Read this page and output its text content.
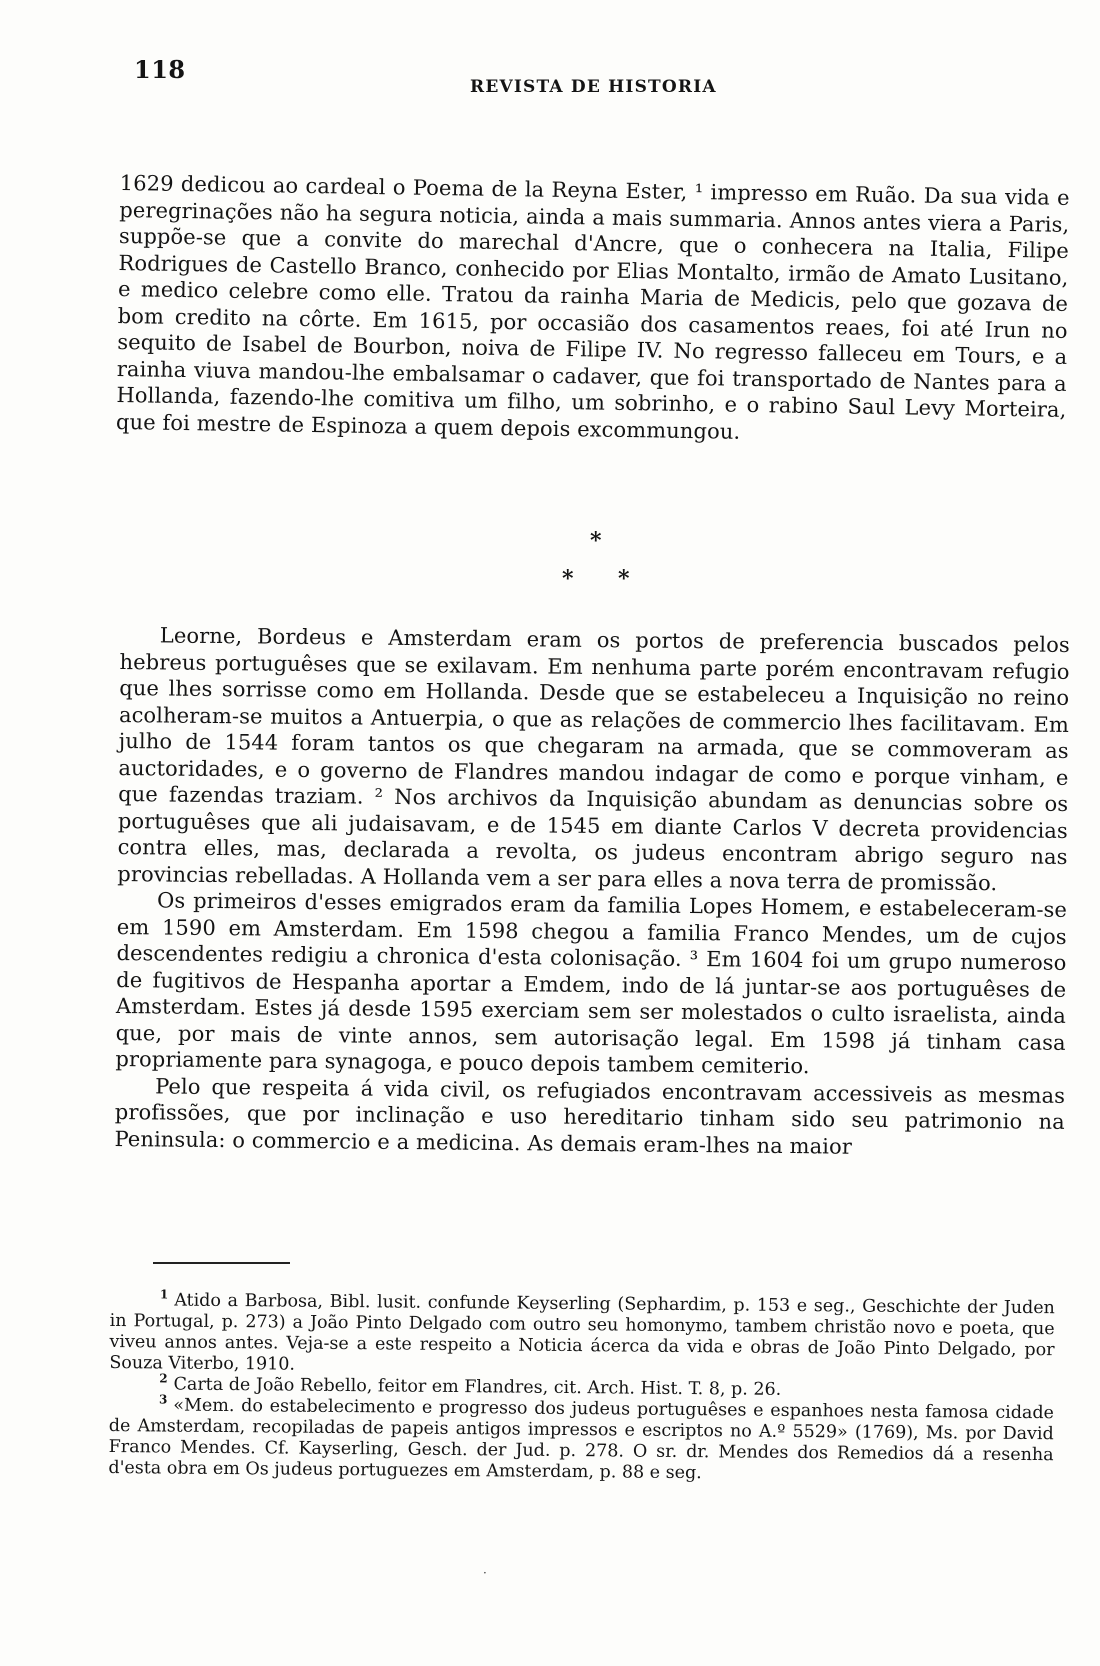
118
REVISTA DE HISTORIA

1629 dedicou ao cardeal o Poema de la Reyna Ester, ¹ impresso em Ruão. Da sua vida e peregrinações não ha segura noticia, ainda a mais summaria. Annos antes viera a Paris, suppõe-se que a convite do marechal d'Ancre, que o conhecera na Italia, Filipe Rodrigues de Castello Branco, conhecido por Elias Montalto, irmão de Amato Lusitano, e medico celebre como elle. Tratou da rainha Maria de Medicis, pelo que gozava de bom credito na côrte. Em 1615, por occasião dos casamentos reaes, foi até Irun no sequito de Isabel de Bourbon, noiva de Filipe IV. No regresso falleceu em Tours, e a rainha viuva mandou-lhe embalsamar o cadaver, que foi transportado de Nantes para a Hollanda, fazendo-lhe comitiva um filho, um sobrinho, e o rabino Saul Levy Morteira, que foi mestre de Espinoza a quem depois excommungou.

*
* *

Leorne, Bordeus e Amsterdam eram os portos de preferencia buscados pelos hebreus portuguêses que se exilavam. Em nenhuma parte porém encontravam refugio que lhes sorrisse como em Hollanda. Desde que se estabeleceu a Inquisição no reino acolheram-se muitos a Antuerpia, o que as relações de commercio lhes facilitavam. Em julho de 1544 foram tantos os que chegaram na armada, que se commoveram as auctoridades, e o governo de Flandres mandou indagar de como e porque vinham, e que fazendas traziam. ² Nos archivos da Inquisição abundam as denuncias sobre os portuguêses que ali judaisavam, e de 1545 em diante Carlos V decreta providencias contra elles, mas, declarada a revolta, os judeus encontram abrigo seguro nas provincias rebelladas. A Hollanda vem a ser para elles a nova terra de promissão.

Os primeiros d'esses emigrados eram da familia Lopes Homem, e estabeleceram-se em 1590 em Amsterdam. Em 1598 chegou a familia Franco Mendes, um de cujos descendentes redigiu a chronica d'esta colonisação. ³ Em 1604 foi um grupo numeroso de fugitivos de Hespanha aportar a Emdem, indo de lá juntar-se aos portuguêses de Amsterdam. Estes já desde 1595 exerciam sem ser molestados o culto israelista, ainda que, por mais de vinte annos, sem autorisação legal. Em 1598 já tinham casa propriamente para synagoga, e pouco depois tambem cemiterio.

Pelo que respeita á vida civil, os refugiados encontravam accessiveis as mesmas profissões, que por inclinação e uso hereditario tinham sido seu patrimonio na Peninsula: o commercio e a medicina. As demais eram-lhes na maior

$^1$ Atido a Barbosa, Bibl. lusit. confunde Keyserling (Sephardim, p. 153 e seg., Geschichte der Juden in Portugal, p. 273) a João Pinto Delgado com outro seu homonymo, tambem christão novo e poeta, que viveu annos antes. Veja-se a este respeito a Noticia ácerca da vida e obras de João Pinto Delgado, por Souza Viterbo, 1910.

$^2$ Carta de João Rebello, feitor em Flandres, cit. Arch. Hist. T. 8, p. 26.

$^3$ «Mem. do estabelecimento e progresso dos judeus portuguêses e espanhoes nesta famosa cidade de Amsterdam, recopiladas de papeis antigos impressos e escriptos no A.º 5529» (1769), Ms. por David Franco Mendes. Cf. Kayserling, Gesch. der Jud. p. 278. O sr. dr. Mendes dos Remedios dá a resenha d'esta obra em Os judeus portuguezes em Amsterdam, p. 88 e seg.

·
